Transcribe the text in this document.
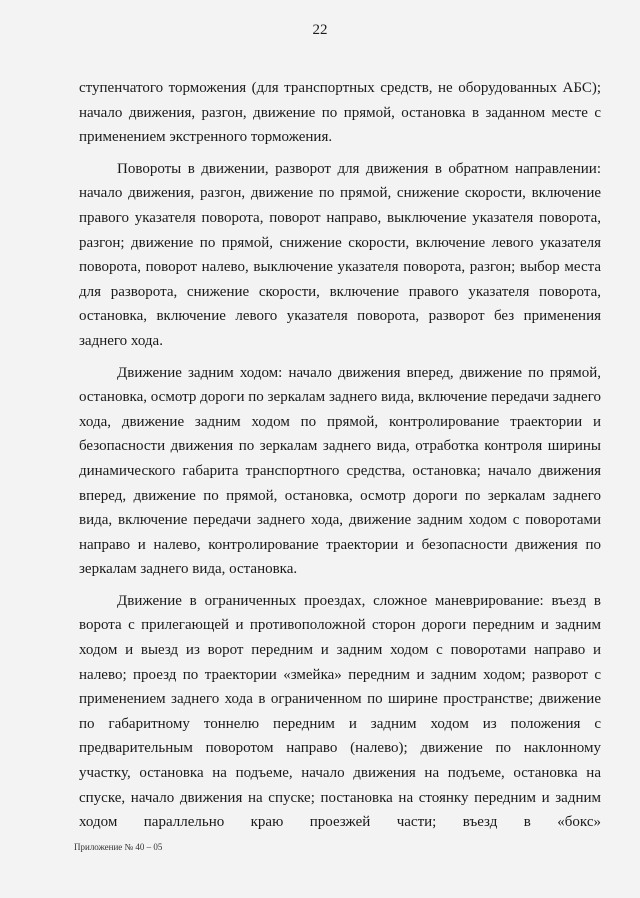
22

ступенчатого торможения (для транспортных средств, не оборудованных АБС); начало движения, разгон, движение по прямой, остановка в заданном месте с применением экстренного торможения.

Повороты в движении, разворот для движения в обратном направлении: начало движения, разгон, движение по прямой, снижение скорости, включение правого указателя поворота, поворот направо, выключение указателя поворота, разгон; движение по прямой, снижение скорости, включение левого указателя поворота, поворот налево, выключение указателя поворота, разгон; выбор места для разворота, снижение скорости, включение правого указателя поворота, остановка, включение левого указателя поворота, разворот без применения заднего хода.

Движение задним ходом: начало движения вперед, движение по прямой, остановка, осмотр дороги по зеркалам заднего вида, включение передачи заднего хода, движение задним ходом по прямой, контролирование траектории и безопасности движения по зеркалам заднего вида, отработка контроля ширины динамического габарита транспортного средства, остановка; начало движения вперед, движение по прямой, остановка, осмотр дороги по зеркалам заднего вида, включение передачи заднего хода, движение задним ходом с поворотами направо и налево, контролирование траектории и безопасности движения по зеркалам заднего вида, остановка.

Движение в ограниченных проездах, сложное маневрирование: въезд в ворота с прилегающей и противоположной сторон дороги передним и задним ходом и выезд из ворот передним и задним ходом с поворотами направо и налево; проезд по траектории «змейка» передним и задним ходом; разворот с применением заднего хода в ограниченном по ширине пространстве; движение по габаритному тоннелю передним и задним ходом из положения с предварительным поворотом направо (налево); движение по наклонному участку, остановка на подъеме, начало движения на подъеме, остановка на спуске, начало движения на спуске; постановка на стоянку передним и задним ходом параллельно краю проезжей части; въезд в «бокс»

Приложение № 40 – 05
